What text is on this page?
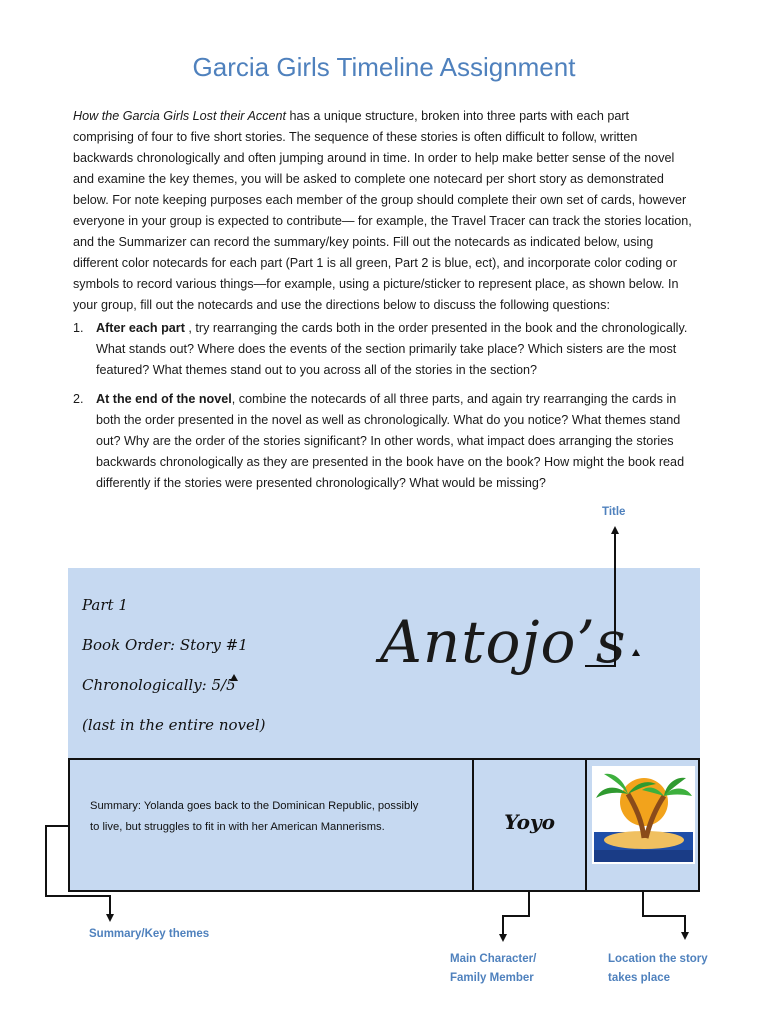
Garcia Girls Timeline Assignment

How the Garcia Girls Lost their Accent has a unique structure, broken into three parts with each part comprising of four to five short stories. The sequence of these stories is often difficult to follow, written backwards chronologically and often jumping around in time. In order to help make better sense of the novel and examine the key themes, you will be asked to complete one notecard per short story as demonstrated below. For note keeping purposes each member of the group should complete their own set of cards, however everyone in your group is expected to contribute— for example, the Travel Tracer can track the stories location, and the Summarizer can record the summary/key points. Fill out the notecards as indicated below, using different color notecards for each part (Part 1 is all green, Part 2 is blue, ect), and incorporate color coding or symbols to record various things—for example, using a picture/sticker to represent place, as shown below. In your group, fill out the notecards and use the directions below to discuss the following questions:

1. After each part , try rearranging the cards both in the order presented in the book and the chronologically. What stands out? Where does the events of the section primarily take place? Which sisters are the most featured? What themes stand out to you across all of the stories in the section?
2. At the end of the novel, combine the notecards of all three parts, and again try rearranging the cards in both the order presented in the novel as well as chronologically. What do you notice? What themes stand out? Why are the order of the stories significant? In other words, what impact does arranging the stories backwards chronologically as they are presented in the book have on the book? How might the book read differently if the stories were presented chronologically? What would be missing?
Title
Part 1
Book Order: Story #1
Chronologically: 5/5
(last in the entire novel)
Antojo’s
Summary: Yolanda goes back to the Dominican Republic, possibly to live, but struggles to fit in with her American Mannerisms.	Yoyo
Summary/Key themes
Main Character/
Family Member
Location the story
takes place
